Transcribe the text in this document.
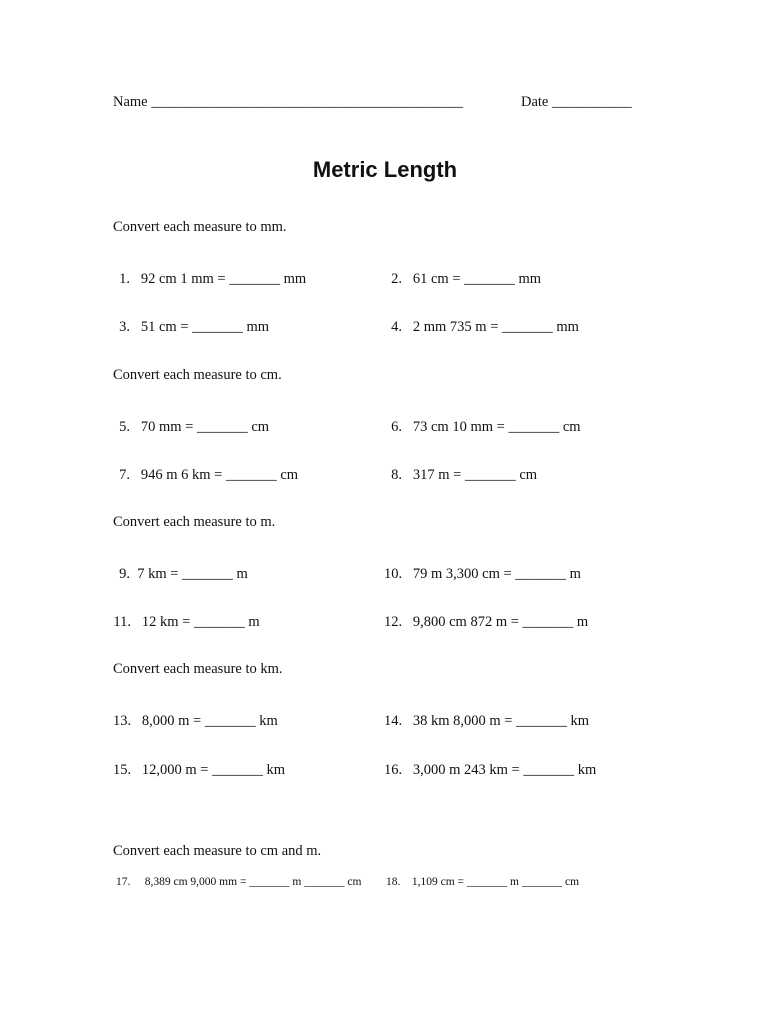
Name ___________________________________________	Date ___________
Metric Length
Convert each measure to mm.
1. 92 cm 1 mm = _______ mm	2. 61 cm = _______ mm
3. 51 cm = _______ mm	4. 2 mm 735 m = _______ mm
Convert each measure to cm.
5. 70 mm = _______ cm	6. 73 cm 10 mm = _______ cm
7. 946 m 6 km = _______ cm	8. 317 m = _______ cm
Convert each measure to m.
9. 7 km = _______ m	10. 79 m 3,300 cm = _______ m
11. 12 km = _______ m	12. 9,800 cm 872 m = _______ m
Convert each measure to km.
13. 8,000 m = _______ km	14. 38 km 8,000 m = _______ km
15. 12,000 m = _______ km	16. 3,000 m 243 km = _______ km
Convert each measure to cm and m.
17. 8,389 cm 9,000 mm = _______ m _______ cm 18. 1,109 cm = _______ m _______ cm
